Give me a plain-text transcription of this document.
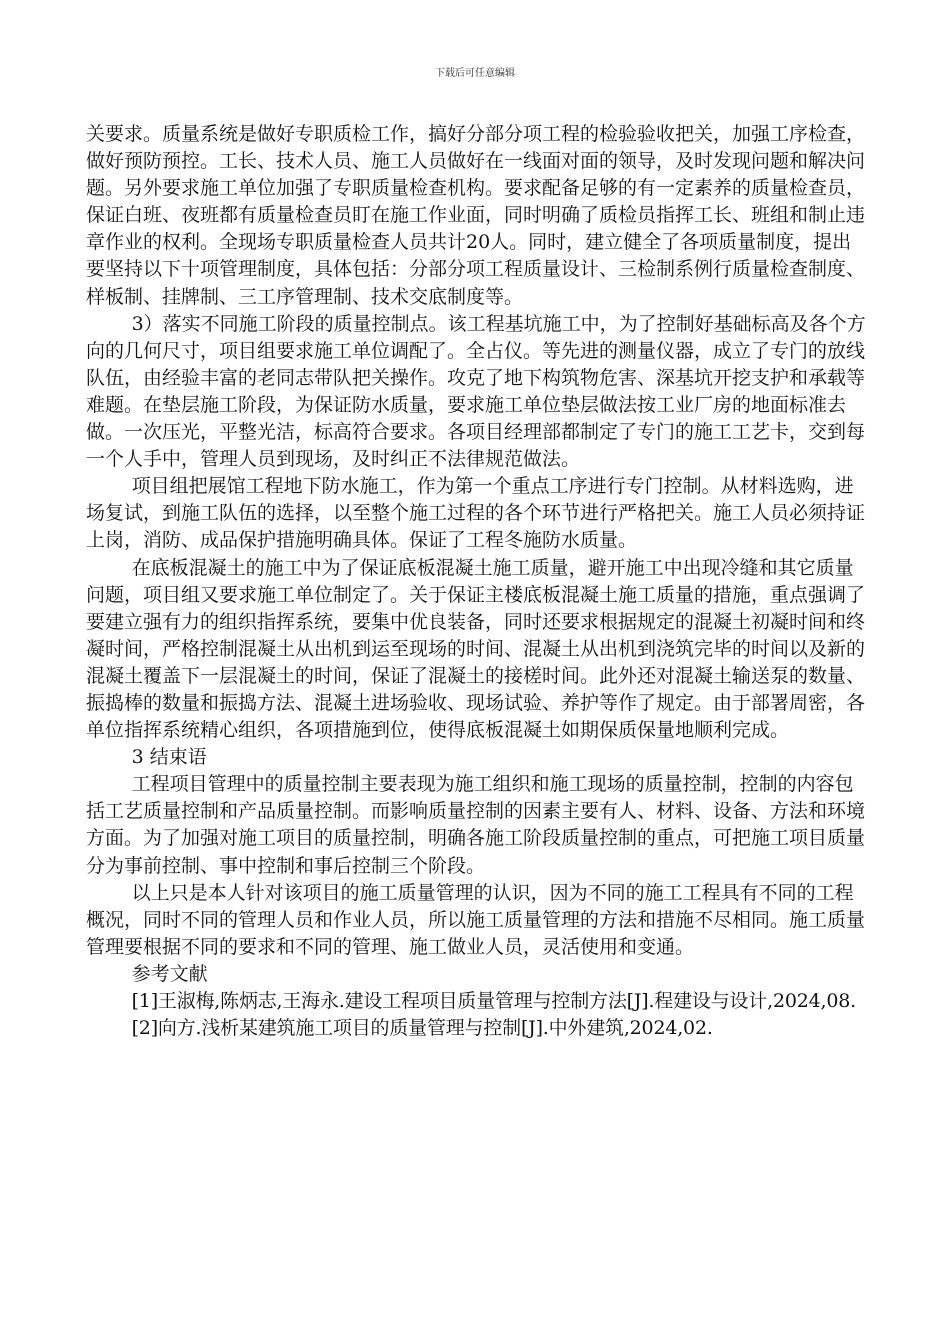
下载后可任意编辑

关要求。质量系统是做好专职质检工作，搞好分部分项工程的检验验收把关，加强工序检查，做好预防预控。工长、技术人员、施工人员做好在一线面对面的领导，及时发现问题和解决问题。另外要求施工单位加强了专职质量检查机构。要求配备足够的有一定素养的质量检查员，保证白班、夜班都有质量检查员盯在施工作业面，同时明确了质检员指挥工长、班组和制止违章作业的权利。全现场专职质量检查人员共计20人。同时，建立健全了各项质量制度，提出要坚持以下十项管理制度，具体包括：分部分项工程质量设计、三检制系例行质量检查制度、样板制、挂牌制、三工序管理制、技术交底制度等。

3）落实不同施工阶段的质量控制点。该工程基坑施工中，为了控制好基础标高及各个方向的几何尺寸，项目组要求施工单位调配了。全占仪。等先进的测量仪器，成立了专门的放线队伍，由经验丰富的老同志带队把关操作。攻克了地下构筑物危害、深基坑开挖支护和承载等难题。在垫层施工阶段，为保证防水质量，要求施工单位垫层做法按工业厂房的地面标准去做。一次压光，平整光洁，标高符合要求。各项目经理部都制定了专门的施工工艺卡，交到每一个人手中，管理人员到现场，及时纠正不法律规范做法。

项目组把展馆工程地下防水施工，作为第一个重点工序进行专门控制。从材料选购，进场复试，到施工队伍的选择，以至整个施工过程的各个环节进行严格把关。施工人员必须持证上岗，消防、成品保护措施明确具体。保证了工程冬施防水质量。

在底板混凝土的施工中为了保证底板混凝土施工质量，避开施工中出现冷缝和其它质量问题，项目组又要求施工单位制定了。关于保证主楼底板混凝土施工质量的措施，重点强调了要建立强有力的组织指挥系统，要集中优良装备，同时还要求根据规定的混凝土初凝时间和终凝时间，严格控制混凝土从出机到运至现场的时间、混凝土从出机到浇筑完毕的时间以及新的混凝土覆盖下一层混凝土的时间，保证了混凝土的接槎时间。此外还对混凝土输送泵的数量、振捣棒的数量和振捣方法、混凝土进场验收、现场试验、养护等作了规定。由于部署周密，各单位指挥系统精心组织，各项措施到位，使得底板混凝土如期保质保量地顺利完成。

3 结束语

工程项目管理中的质量控制主要表现为施工组织和施工现场的质量控制，控制的内容包括工艺质量控制和产品质量控制。而影响质量控制的因素主要有人、材料、设备、方法和环境方面。为了加强对施工项目的质量控制，明确各施工阶段质量控制的重点，可把施工项目质量分为事前控制、事中控制和事后控制三个阶段。

以上只是本人针对该项目的施工质量管理的认识，因为不同的施工工程具有不同的工程概况，同时不同的管理人员和作业人员，所以施工质量管理的方法和措施不尽相同。施工质量管理要根据不同的要求和不同的管理、施工做业人员，灵活使用和变通。

参考文献

[1]王淑梅,陈炳志,王海永.建设工程项目质量管理与控制方法[J].程建设与设计,2024,08.

[2]向方.浅析某建筑施工项目的质量管理与控制[J].中外建筑,2024,02.
